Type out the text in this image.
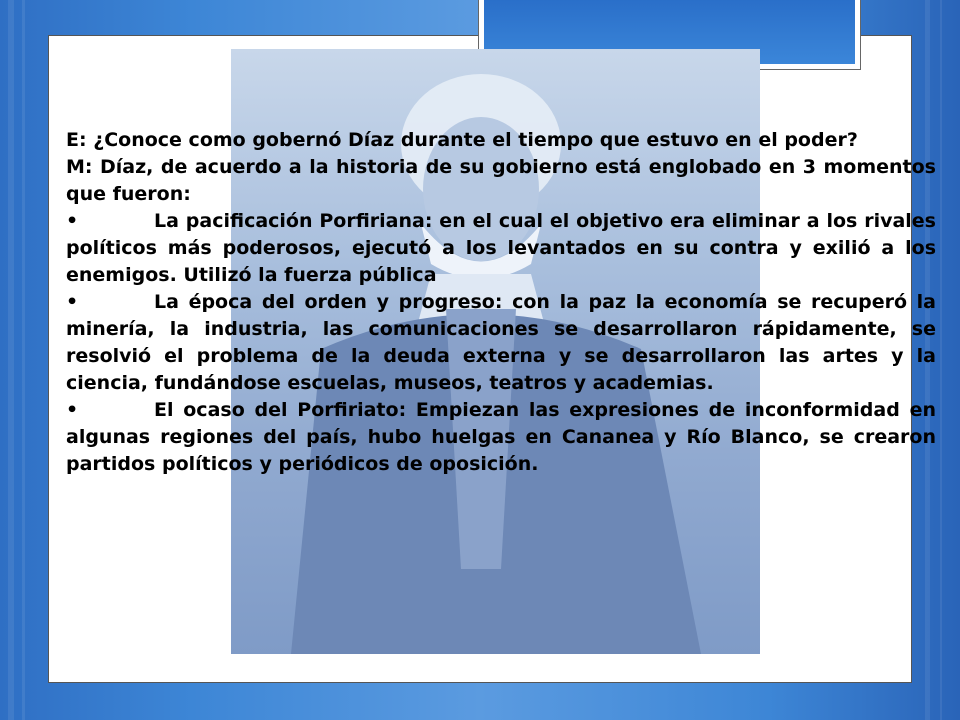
E: ¿Conoce como gobernó Díaz durante el tiempo que estuvo en el poder?

M: Díaz, de acuerdo a la historia de su gobierno está englobado en 3 momentos que fueron:

•	La pacificación Porfiriana: en el cual el objetivo era eliminar a los rivales políticos más poderosos, ejecutó a los levantados en su contra y exilió a los enemigos. Utilizó la fuerza pública

•	La época del orden y progreso: con la paz la economía se recuperó la minería, la industria, las comunicaciones se desarrollaron rápidamente, se resolvió el problema de la deuda externa y se desarrollaron las artes y la ciencia, fundándose escuelas, museos, teatros y academias.

•	El ocaso del Porfiriato: Empiezan las expresiones de inconformidad en algunas regiones del país, hubo huelgas en Cananea y Río Blanco, se crearon partidos políticos y periódicos de oposición.
